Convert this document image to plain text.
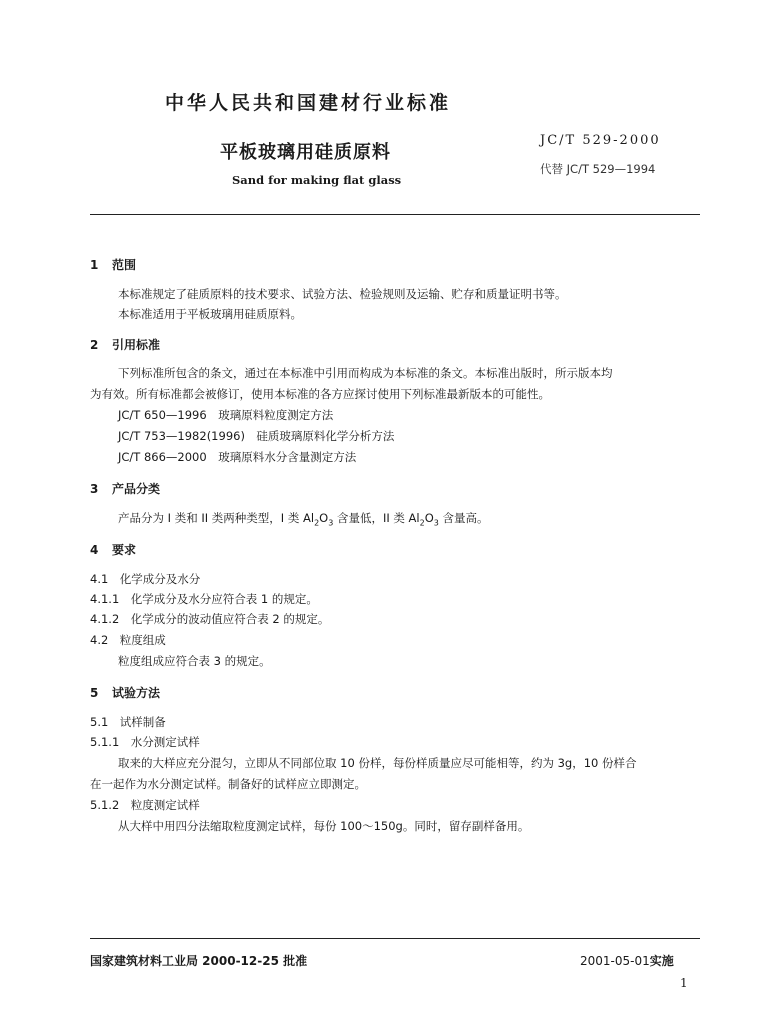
中华人民共和国建材行业标准
平板玻璃用硅质原料
Sand for making flat glass
JC/T 529-2000
代替 JC/T 529—1994
1 范围
本标准规定了硅质原料的技术要求、试验方法、检验规则及运输、贮存和质量证明书等。
本标准适用于平板玻璃用硅质原料。
2 引用标准
下列标准所包含的条文，通过在本标准中引用而构成为本标准的条文。本标准出版时，所示版本均
为有效。所有标准都会被修订，使用本标准的各方应探讨使用下列标准最新版本的可能性。
JC/T 650—1996　玻璃原料粒度测定方法
JC/T 753—1982(1996)　硅质玻璃原料化学分析方法
JC/T 866—2000　玻璃原料水分含量测定方法
3 产品分类
产品分为 I 类和 II 类两种类型，I 类 $Al_2O_3$ 含量低，II 类 $Al_2O_3$ 含量高。
4 要求
4.1　 化学成分及水分
4.1.1　 化学成分及水分应符合表 1 的规定。
4.1.2　 化学成分的波动值应符合表 2 的规定。
4.2　 粒度组成
粒度组成应符合表 3 的规定。
5 试验方法
5.1　 试样制备
5.1.1　 水分测定试样
取来的大样应充分混匀，立即从不同部位取 10 份样，每份样质量应尽可能相等，约为 3g，10 份样合
在一起作为水分测定试样。制备好的试样应立即测定。
5.1.2　 粒度测定试样
从大样中用四分法缩取粒度测定试样，每份 100～150g。同时，留存副样备用。
国家建筑材料工业局 2000-12-25 批准	2001-05-01实施
1
